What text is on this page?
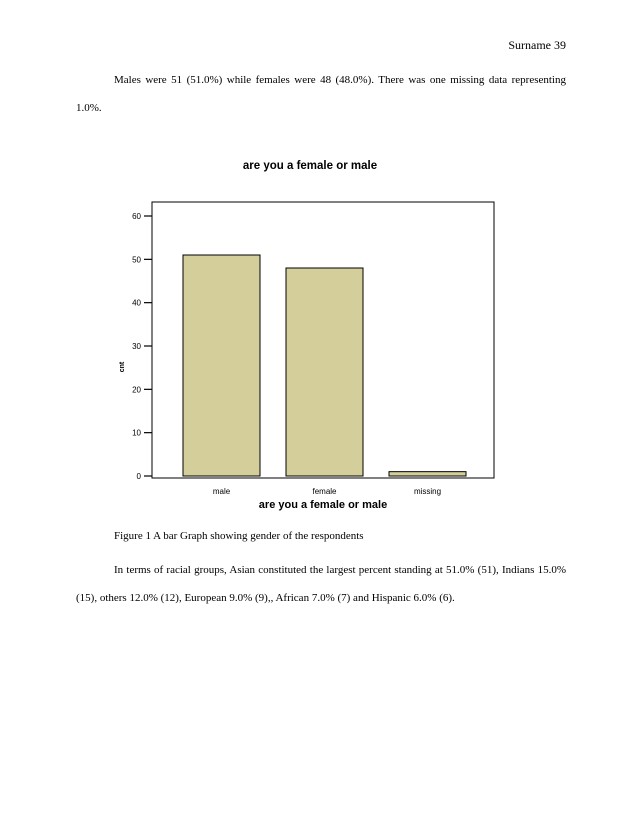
Surname 39
Males were 51 (51.0%) while females were 48 (48.0%). There was one missing data representing 1.0%.
are you a female or male
0
10
20
30
40
50
60
male	female	missing
cnt
are you a female or male
Figure 1 A bar Graph showing gender of the respondents
In terms of racial groups, Asian constituted the largest percent standing at 51.0% (51), Indians 15.0% (15), others 12.0% (12), European 9.0% (9),, African 7.0% (7) and Hispanic 6.0% (6).
